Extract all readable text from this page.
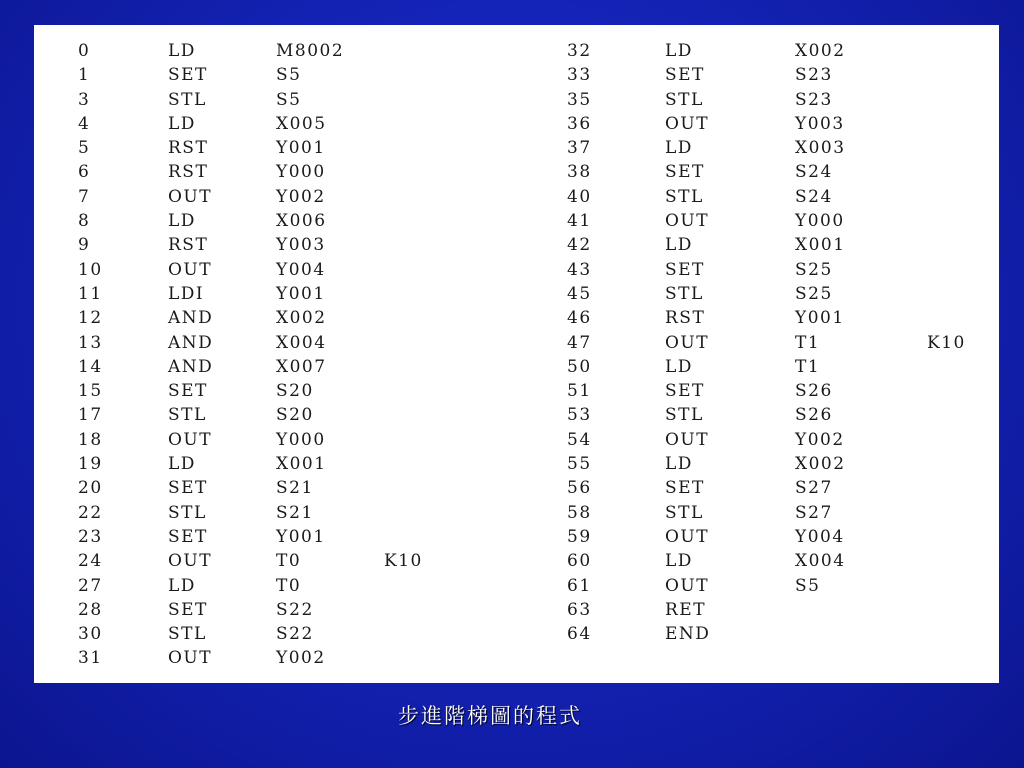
0	LD	M8002
1	SET	S5
3	STL	S5
4	LD	X005
5	RST	Y001
6	RST	Y000
7	OUT	Y002
8	LD	X006
9	RST	Y003
10	OUT	Y004
11	LDI	Y001
12	AND	X002
13	AND	X004
14	AND	X007
15	SET	S20
17	STL	S20
18	OUT	Y000
19	LD	X001
20	SET	S21
22	STL	S21
23	SET	Y001
24	OUT	T0	K10
27	LD	T0
28	SET	S22
30	STL	S22
31	OUT	Y002
32	LD	X002
33	SET	S23
35	STL	S23
36	OUT	Y003
37	LD	X003
38	SET	S24
40	STL	S24
41	OUT	Y000
42	LD	X001
43	SET	S25
45	STL	S25
46	RST	Y001
47	OUT	T1	K10
50	LD	T1
51	SET	S26
53	STL	S26
54	OUT	Y002
55	LD	X002
56	SET	S27
58	STL	S27
59	OUT	Y004
60	LD	X004
61	OUT	S5
63	RET
64	END
步進階梯圖的程式
